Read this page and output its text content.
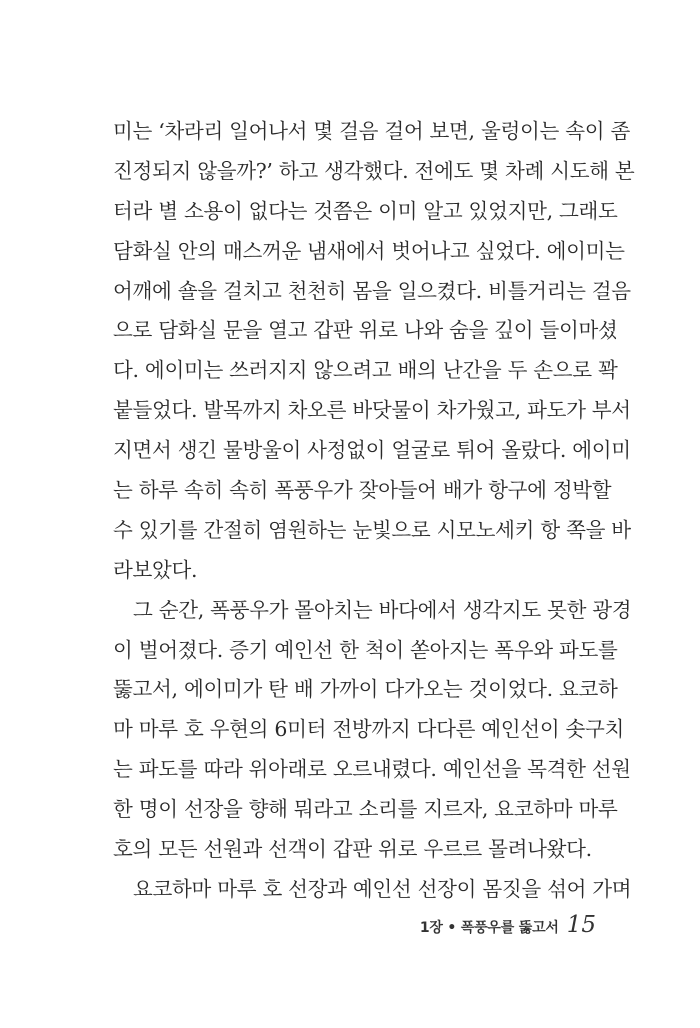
미는 ‘차라리 일어나서 몇 걸음 걸어 보면, 울렁이는 속이 좀
진정되지 않을까?’ 하고 생각했다. 전에도 몇 차례 시도해 본
터라 별 소용이 없다는 것쯤은 이미 알고 있었지만, 그래도
담화실 안의 매스꺼운 냄새에서 벗어나고 싶었다. 에이미는
어깨에 숄을 걸치고 천천히 몸을 일으켰다. 비틀거리는 걸음
으로 담화실 문을 열고 갑판 위로 나와 숨을 깊이 들이마셨
다. 에이미는 쓰러지지 않으려고 배의 난간을 두 손으로 꽉
붙들었다. 발목까지 차오른 바닷물이 차가웠고, 파도가 부서
지면서 생긴 물방울이 사정없이 얼굴로 튀어 올랐다. 에이미
는 하루 속히 속히 폭풍우가 잦아들어 배가 항구에 정박할
수 있기를 간절히 염원하는 눈빛으로 시모노세키 항 쪽을 바
라보았다.
그 순간, 폭풍우가 몰아치는 바다에서 생각지도 못한 광경
이 벌어졌다. 증기 예인선 한 척이 쏟아지는 폭우와 파도를
뚫고서, 에이미가 탄 배 가까이 다가오는 것이었다. 요코하
마 마루 호 우현의 6미터 전방까지 다다른 예인선이 솟구치
는 파도를 따라 위아래로 오르내렸다. 예인선을 목격한 선원
한 명이 선장을 향해 뭐라고 소리를 지르자, 요코하마 마루
호의 모든 선원과 선객이 갑판 위로 우르르 몰려나왔다.
요코하마 마루 호 선장과 예인선 선장이 몸짓을 섞어 가며
1장 • 폭풍우를 뚫고서 15
